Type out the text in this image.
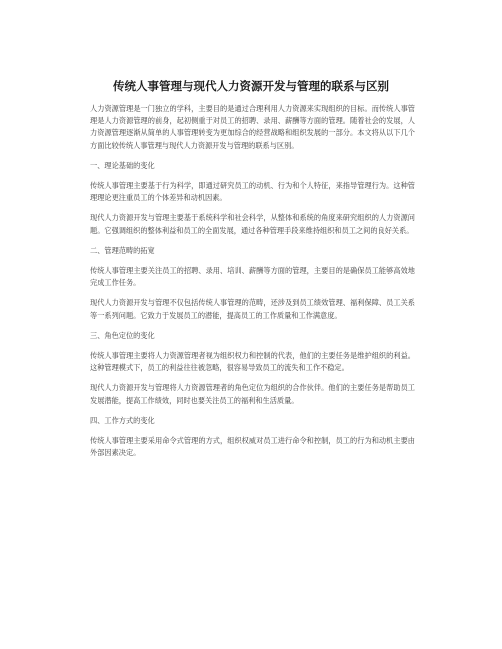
传统人事管理与现代人力资源开发与管理的联系与区别

人力资源管理是一门独立的学科，主要目的是通过合理利用人力资源来实现组织的目标。而传统人事管理是人力资源管理的前身，起初侧重于对员工的招聘、录用、薪酬等方面的管理。随着社会的发展，人力资源管理逐渐从简单的人事管理转变为更加综合的经营战略和组织发展的一部分。本文将从以下几个方面比较传统人事管理与现代人力资源开发与管理的联系与区别。

一、理论基础的变化

传统人事管理主要基于行为科学，即通过研究员工的动机、行为和个人特征，来指导管理行为。这种管理理论更注重员工的个体差异和动机因素。

现代人力资源开发与管理主要基于系统科学和社会科学，从整体和系统的角度来研究组织的人力资源问题。它强调组织的整体利益和员工的全面发展，通过各种管理手段来维持组织和员工之间的良好关系。

二、管理范畴的拓宽

传统人事管理主要关注员工的招聘、录用、培训、薪酬等方面的管理，主要目的是确保员工能够高效地完成工作任务。

现代人力资源开发与管理不仅包括传统人事管理的范畴，还涉及到员工绩效管理、福利保障、员工关系等一系列问题。它致力于发展员工的潜能，提高员工的工作质量和工作满意度。

三、角色定位的变化

传统人事管理主要将人力资源管理者视为组织权力和控制的代表，他们的主要任务是维护组织的利益。这种管理模式下，员工的利益往往被忽略，很容易导致员工的流失和工作不稳定。

现代人力资源开发与管理将人力资源管理者的角色定位为组织的合作伙伴。他们的主要任务是帮助员工发展潜能，提高工作绩效，同时也要关注员工的福利和生活质量。

四、工作方式的变化

传统人事管理主要采用命令式管理的方式，组织权威对员工进行命令和控制，员工的行为和动机主要由外部因素决定。
